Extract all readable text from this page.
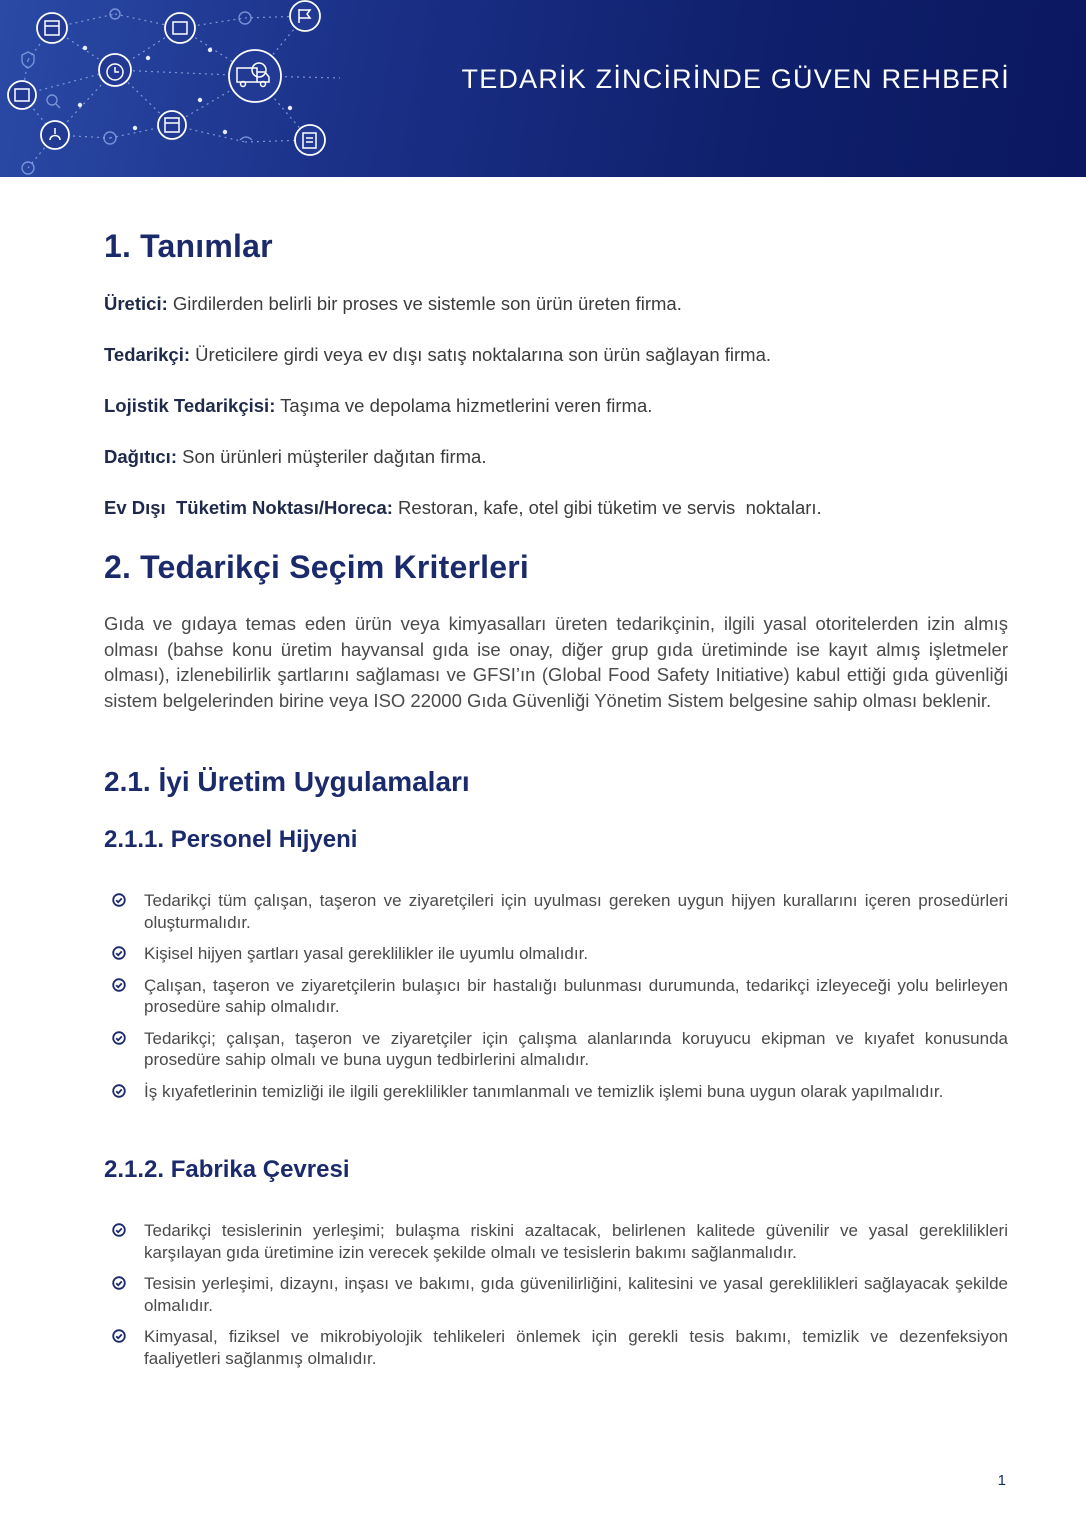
TEDARİK ZİNCİRİNDE GÜVEN REHBERİ
1. Tanımlar

Üretici: Girdilerden belirli bir proses ve sistemle son ürün üreten firma.

Tedarikçi: Üreticilere girdi veya ev dışı satış noktalarına son ürün sağlayan firma.

Lojistik Tedarikçisi: Taşıma ve depolama hizmetlerini veren firma.

Dağıtıcı: Son ürünleri müşteriler dağıtan firma.

Ev Dışı  Tüketim Noktası/Horeca: Restoran, kafe, otel gibi tüketim ve servis  noktaları.

2. Tedarikçi Seçim Kriterleri

Gıda ve gıdaya temas eden ürün veya kimyasalları üreten tedarikçinin, ilgili yasal otoritelerden izin almış olması (bahse konu üretim hayvansal gıda ise onay, diğer grup gıda üretiminde ise kayıt almış işletmeler olması), izlenebilirlik şartlarını sağlaması ve GFSI’ın (Global Food Safety Initiative) kabul ettiği gıda güvenliği sistem belgelerinden birine veya ISO 22000 Gıda Güvenliği Yönetim Sistem belgesine sahip olması beklenir.

2.1. İyi Üretim Uygulamaları
2.1.1. Personel Hijyeni
Tedarikçi tüm çalışan, taşeron ve ziyaretçileri için uyulması gereken uygun hijyen kurallarını içeren prosedürleri oluşturmalıdır.
Kişisel hijyen şartları yasal gereklilikler ile uyumlu olmalıdır.
Çalışan, taşeron ve ziyaretçilerin bulaşıcı bir hastalığı bulunması durumunda, tedarikçi izleyeceği yolu belirleyen prosedüre sahip olmalıdır.
Tedarikçi; çalışan, taşeron ve ziyaretçiler için çalışma alanlarında koruyucu ekipman ve kıyafet konusunda prosedüre sahip olmalı ve buna uygun tedbirlerini almalıdır.
İş kıyafetlerinin temizliği ile ilgili gereklilikler tanımlanmalı ve temizlik işlemi buna uygun olarak yapılmalıdır.
2.1.2. Fabrika Çevresi
Tedarikçi tesislerinin yerleşimi; bulaşma riskini azaltacak, belirlenen kalitede güvenilir ve yasal gereklilikleri karşılayan gıda üretimine izin verecek şekilde olmalı ve tesislerin bakımı sağlanmalıdır.
Tesisin yerleşimi, dizaynı, inşası ve bakımı, gıda güvenilirliğini, kalitesini ve yasal gereklilikleri sağlayacak şekilde olmalıdır.
Kimyasal, fiziksel ve mikrobiyolojik tehlikeleri önlemek için gerekli tesis bakımı, temizlik ve dezenfeksiyon faaliyetleri sağlanmış olmalıdır.
1
